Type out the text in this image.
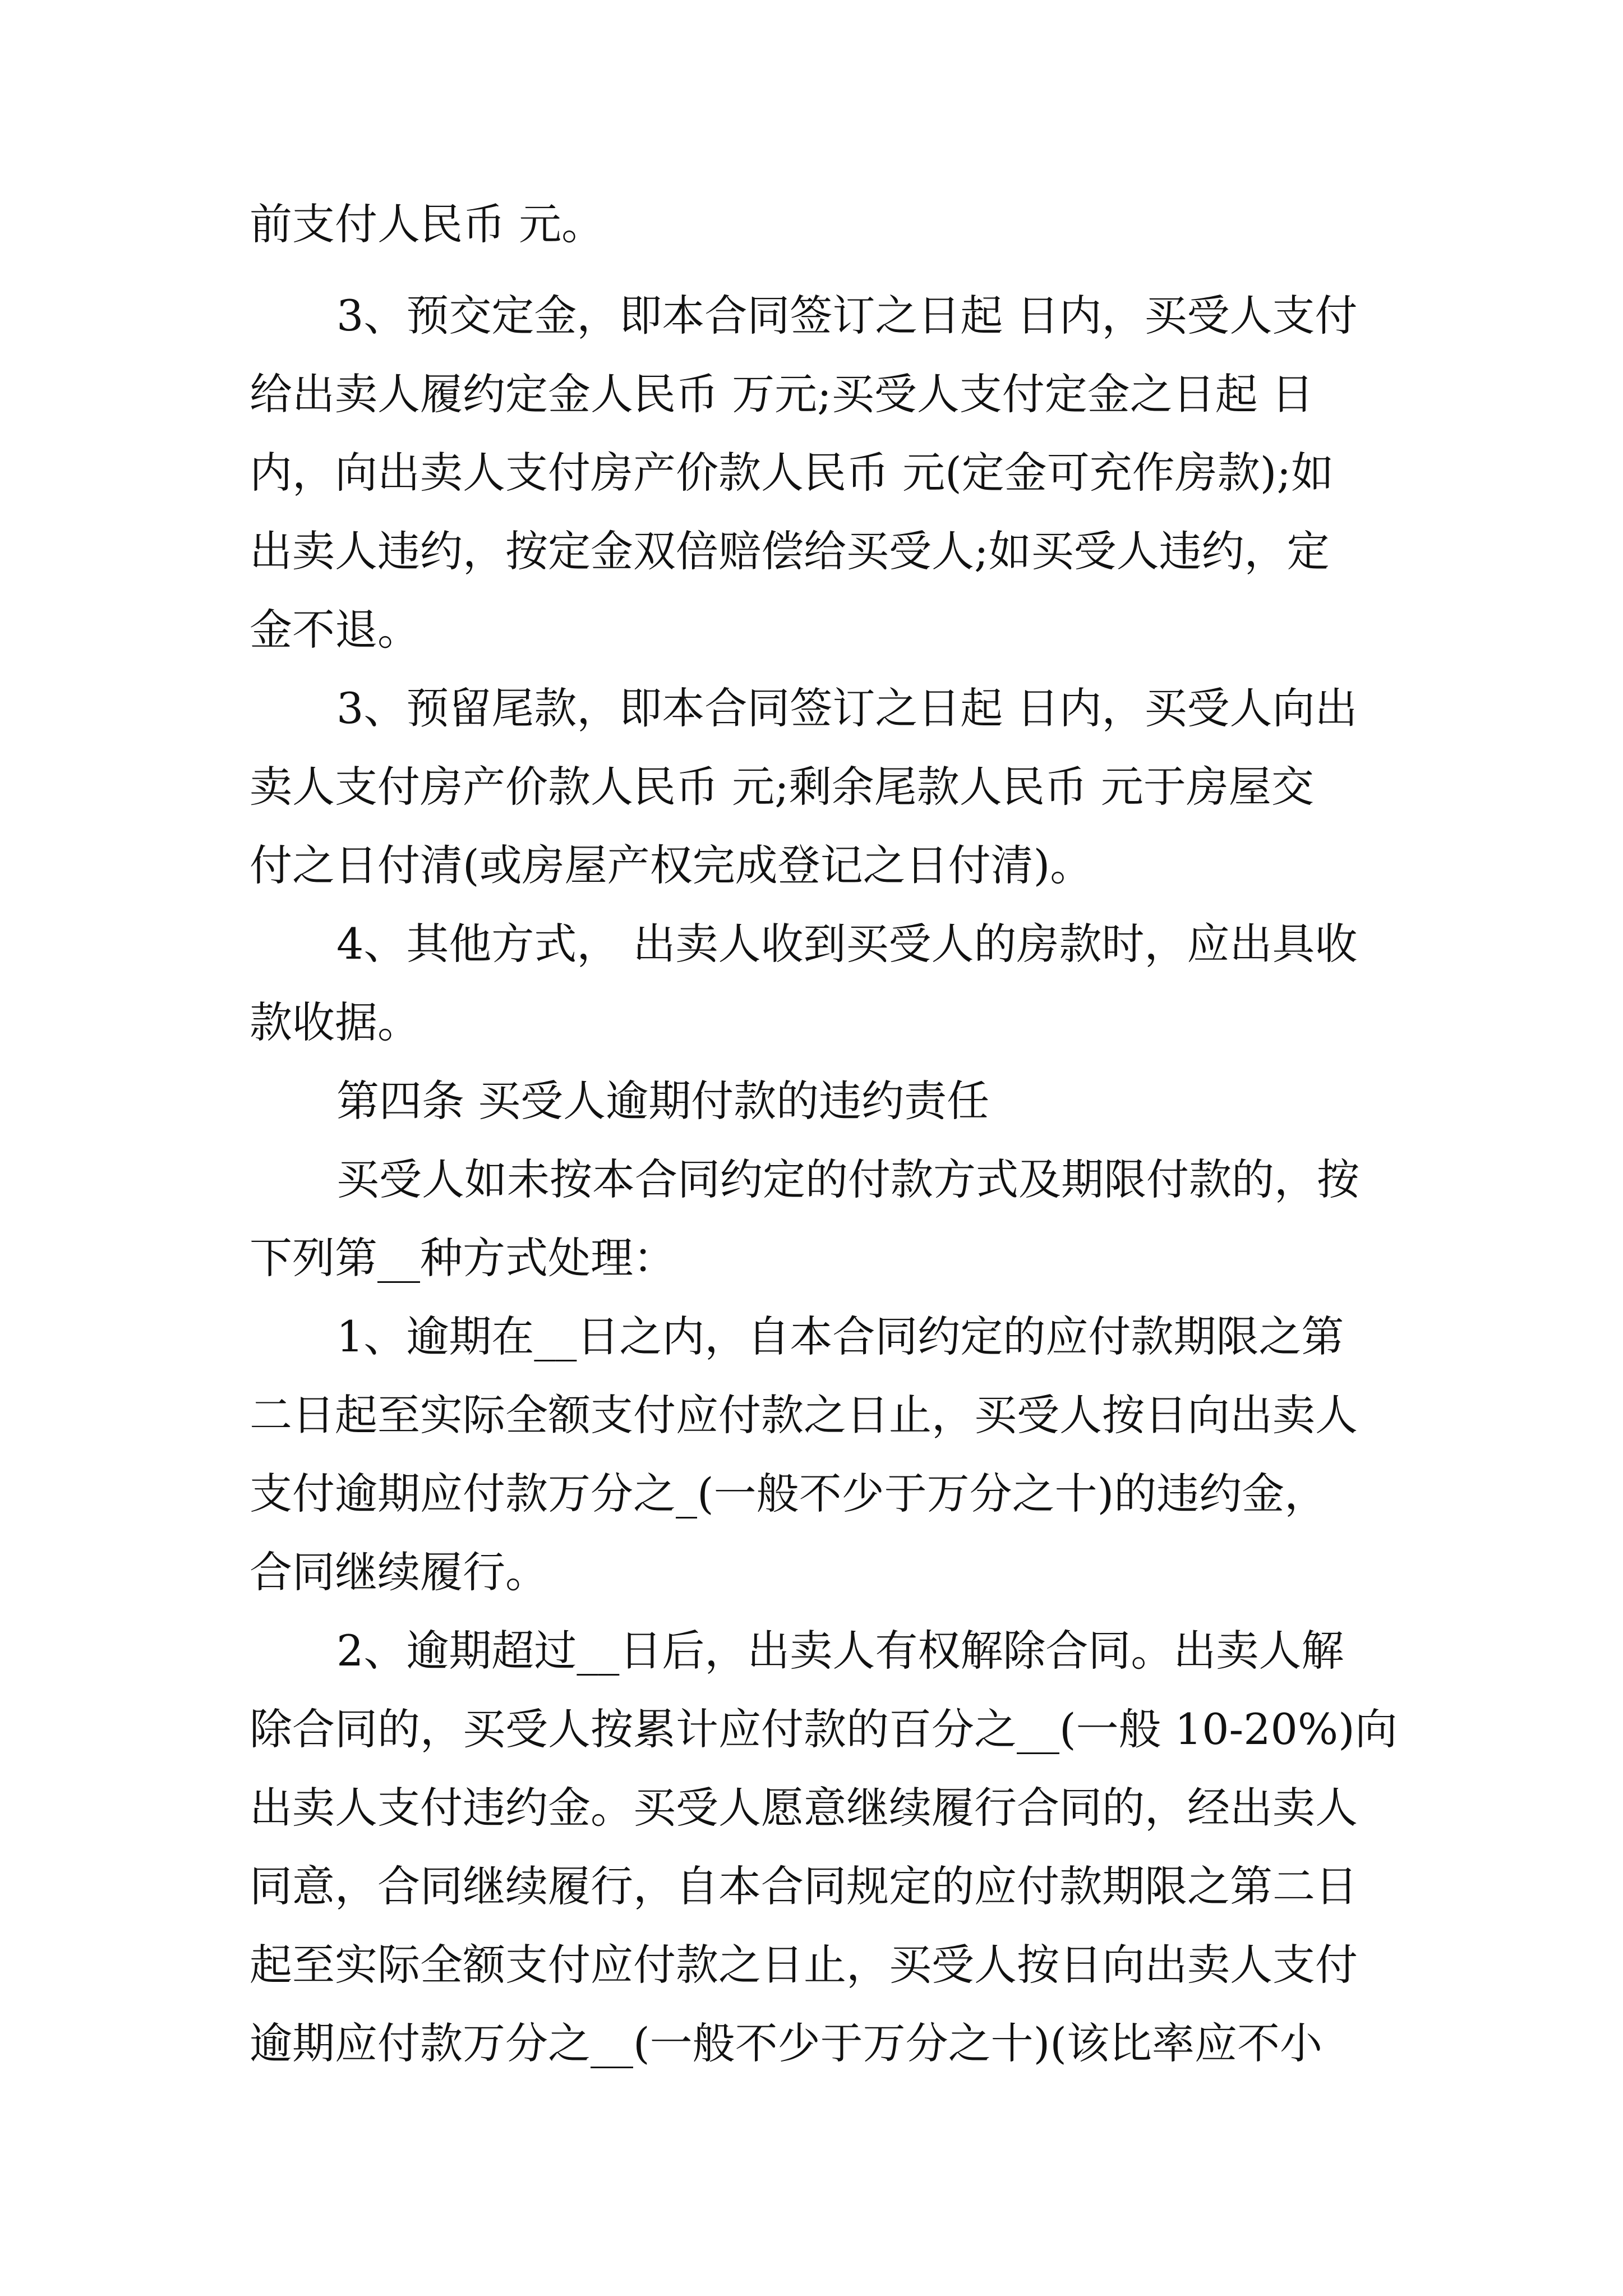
前支付人民币 元。

3、预交定金，即本合同签订之日起 日内，买受人支付

给出卖人履约定金人民币 万元;买受人支付定金之日起 日

内，向出卖人支付房产价款人民币 元(定金可充作房款);如

出卖人违约，按定金双倍赔偿给买受人;如买受人违约，定

金不退。

3、预留尾款，即本合同签订之日起 日内，买受人向出

卖人支付房产价款人民币 元;剩余尾款人民币 元于房屋交

付之日付清(或房屋产权完成登记之日付清)。

4、其他方式， 出卖人收到买受人的房款时，应出具收

款收据。

第四条 买受人逾期付款的违约责任

买受人如未按本合同约定的付款方式及期限付款的，按

下列第__种方式处理：

1、逾期在__日之内，自本合同约定的应付款期限之第

二日起至实际全额支付应付款之日止，买受人按日向出卖人

支付逾期应付款万分之_(一般不少于万分之十)的违约金，

合同继续履行。

2、逾期超过__日后，出卖人有权解除合同。出卖人解

除合同的，买受人按累计应付款的百分之__(一般 10-20%)向

出卖人支付违约金。买受人愿意继续履行合同的，经出卖人

同意，合同继续履行，自本合同规定的应付款期限之第二日

起至实际全额支付应付款之日止，买受人按日向出卖人支付

逾期应付款万分之__(一般不少于万分之十)(该比率应不小
